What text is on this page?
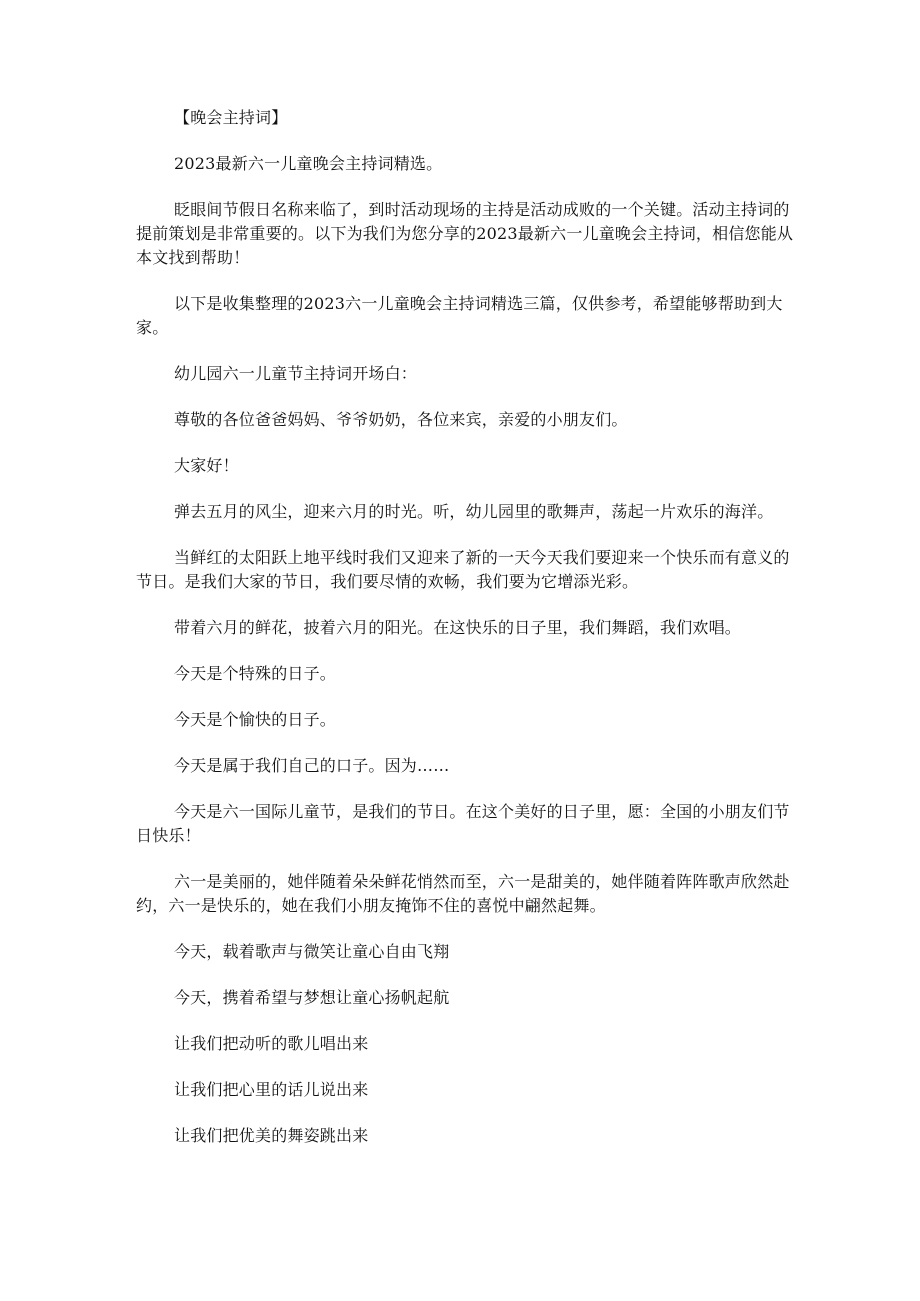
【晚会主持词】

2023最新六一儿童晚会主持词精选。

眨眼间节假日名称来临了，到时活动现场的主持是活动成败的一个关键。活动主持词的提前策划是非常重要的。以下为我们为您分享的2023最新六一儿童晚会主持词，相信您能从本文找到帮助！

以下是收集整理的2023六一儿童晚会主持词精选三篇，仅供参考，希望能够帮助到大家。

幼儿园六一儿童节主持词开场白：

尊敬的各位爸爸妈妈、爷爷奶奶，各位来宾，亲爱的小朋友们。

大家好！

弹去五月的风尘，迎来六月的时光。听，幼儿园里的歌舞声，荡起一片欢乐的海洋。

当鲜红的太阳跃上地平线时我们又迎来了新的一天今天我们要迎来一个快乐而有意义的节日。是我们大家的节日，我们要尽情的欢畅，我们要为它增添光彩。

带着六月的鲜花，披着六月的阳光。在这快乐的日子里，我们舞蹈，我们欢唱。

今天是个特殊的日子。

今天是个愉快的日子。

今天是属于我们自己的口子。因为……

今天是六一国际儿童节，是我们的节日。在这个美好的日子里，愿：全国的小朋友们节日快乐！

六一是美丽的，她伴随着朵朵鲜花悄然而至，六一是甜美的，她伴随着阵阵歌声欣然赴约，六一是快乐的，她在我们小朋友掩饰不住的喜悦中翩然起舞。

今天，载着歌声与微笑让童心自由飞翔

今天，携着希望与梦想让童心扬帆起航

让我们把动听的歌儿唱出来

让我们把心里的话儿说出来

让我们把优美的舞姿跳出来
